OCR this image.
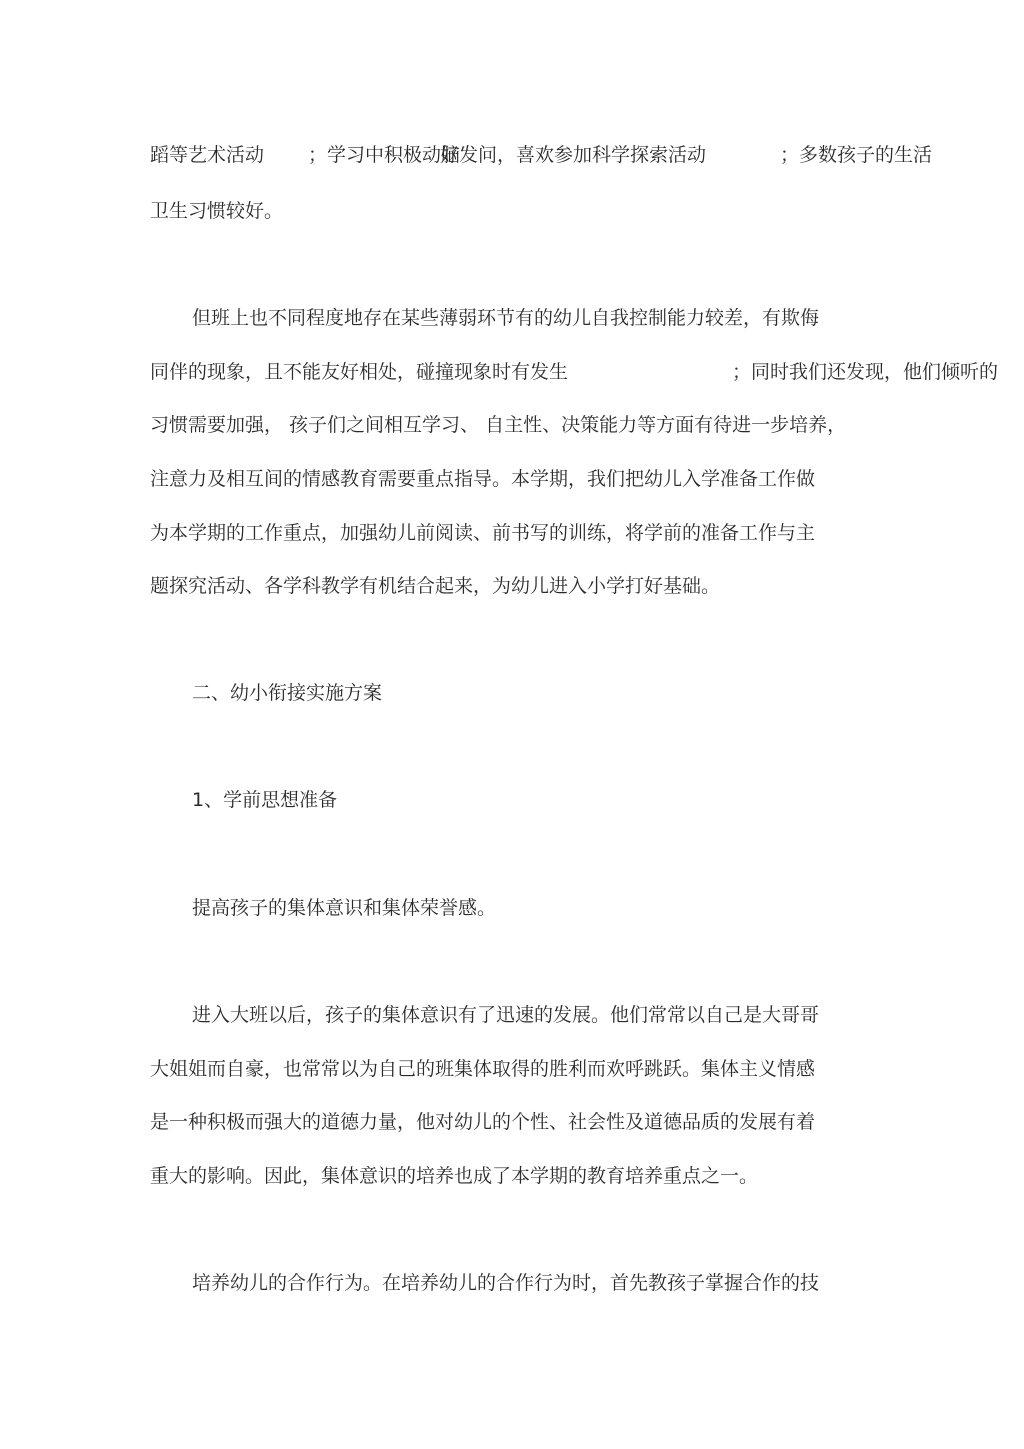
蹈等艺术活动 ；学习中积极动脑
好发问，喜欢参加科学探索活动	；多数孩子的生活
卫生习惯较好。
但班上也不同程度地存在某些薄弱环节有的幼儿自我控制能力较差，有欺侮
同伴的现象，且不能友好相处，碰撞现象时有发生	；同时我们还发现，他们倾听的
习惯需要加强， 孩子们之间相互学习、 自主性、决策能力等方面有待进一步培养，
注意力及相互间的情感教育需要重点指导。本学期，我们把幼儿入学准备工作做
为本学期的工作重点，加强幼儿前阅读、前书写的训练，将学前的准备工作与主
题探究活动、各学科教学有机结合起来，为幼儿进入小学打好基础。
二、幼小衔接实施方案
1、学前思想准备
提高孩子的集体意识和集体荣誉感。
进入大班以后，孩子的集体意识有了迅速的发展。他们常常以自己是大哥哥
大姐姐而自豪，也常常以为自己的班集体取得的胜利而欢呼跳跃。集体主义情感
是一种积极而强大的道德力量，他对幼儿的个性、社会性及道德品质的发展有着
重大的影响。因此，集体意识的培养也成了本学期的教育培养重点之一。
培养幼儿的合作行为。在培养幼儿的合作行为时，首先教孩子掌握合作的技
